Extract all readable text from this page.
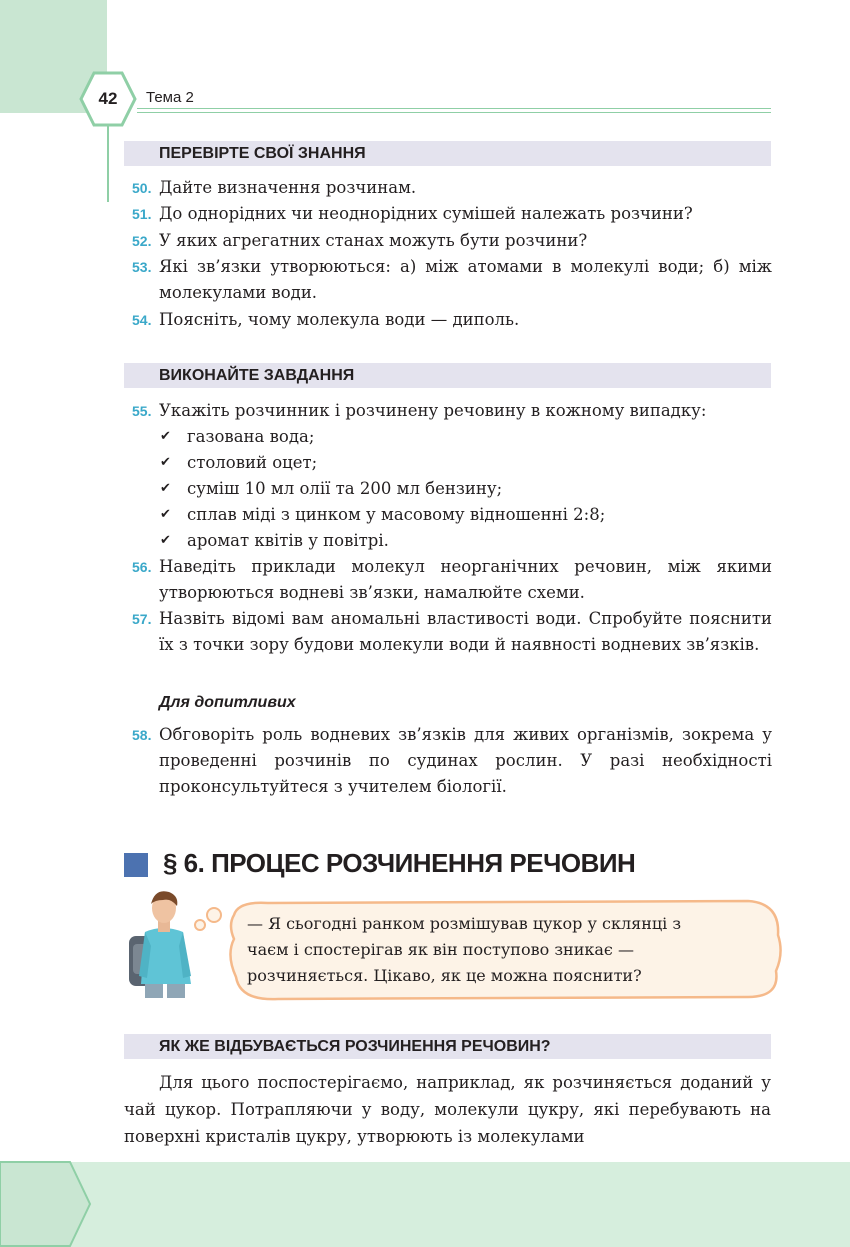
42	Тема 2
ПЕРЕВІРТЕ СВОЇ ЗНАННЯ
50. Дайте визначення розчинам.
51. До однорідних чи неоднорідних сумішей належать розчини?
52. У яких агрегатних станах можуть бути розчини?
53. Які зв’язки утворюються: а) між атомами в молекулі води; б) між молекулами води.
54. Поясніть, чому молекула води — диполь.
ВИКОНАЙТЕ ЗАВДАННЯ
55. Укажіть розчинник і розчинену речовину в кожному випадку:
✔ газована вода;
✔ столовий оцет;
✔ суміш 10 мл олії та 200 мл бензину;
✔ сплав міді з цинком у масовому відношенні 2:8;
✔ аромат квітів у повітрі.
56. Наведіть приклади молекул неорганічних речовин, між якими утворюються водневі зв’язки, намалюйте схеми.
57. Назвіть відомі вам аномальні властивості води. Спробуйте пояснити їх з точки зору будови молекули води й наявності водневих зв’язків.
Для допитливих
58. Обговоріть роль водневих зв’язків для живих організмів, зокрема у проведенні розчинів по судинах рослин. У разі необхідності проконсультуйтеся з учителем біології.
§ 6. ПРОЦЕС РОЗЧИНЕННЯ РЕЧОВИН
— Я сьогодні ранком розмішував цукор у склянці з чаєм і спостерігав як він поступово зникає — розчиняється. Цікаво, як це можна пояснити?
ЯК ЖЕ ВІДБУВАЄТЬСЯ РОЗЧИНЕННЯ РЕЧОВИН?
Для цього поспостерігаємо, наприклад, як розчиняється доданий у чай цукор. Потрапляючи у воду, молекули цукру, які перебувають на поверхні кристалів цукру, утворюють із молекулами
